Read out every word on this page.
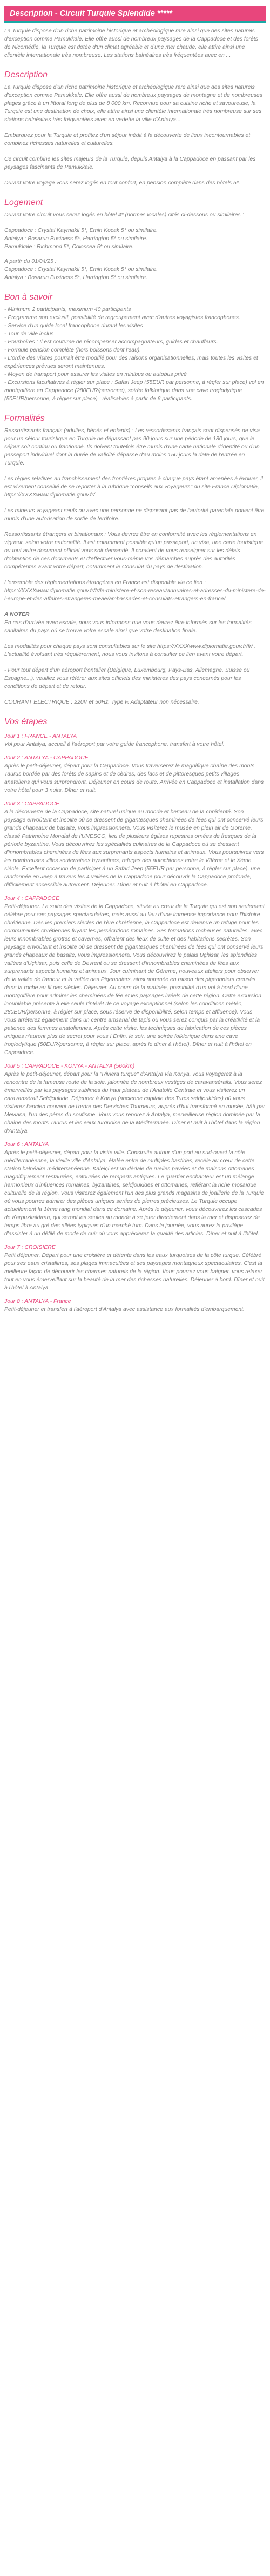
Description - Circuit Turquie Splendide *****

La Turquie dispose d'un riche patrimoine historique et archéologique rare ainsi que des sites naturels d'exception comme Pamukkale. Elle offre aussi de nombreux paysages de la Cappadoce et des forêts de Nicomédie, la Turquie est dotée d'un climat agréable et d'une mer chaude, elle attire ainsi une clientèle internationale très nombreuse. Les stations balnéaires très fréquentées avec en ...

Description

La Turquie dispose d'un riche patrimoine historique et archéologique rare ainsi que des sites naturels d'exception comme Pamukkale. Elle offre aussi de nombreux paysages de montagne et de nombreuses plages grâce à un littoral long de plus de 8 000 km. Reconnue pour sa cuisine riche et savoureuse, la Turquie est une destination de choix, elle attire ainsi une clientèle internationale très nombreuse sur ses stations balnéaires très fréquentées avec en vedette la ville d'Antalya...

Embarquez pour la Turquie et profitez d'un séjour inédit à la découverte de lieux incontournables et combinez richesses naturelles et culturelles.

Ce circuit combine les sites majeurs de la Turquie, depuis Antalya à la Cappadoce en passant par les paysages fascinants de Pamukkale.

Durant votre voyage vous serez logés en tout confort, en pension complète dans des hôtels 5*.

Logement

Durant votre circuit vous serez logés en hôtel 4* (normes locales) cités ci-dessous ou similaires :

Cappadoce : Crystal Kaymakli 5*, Emin Kocak 5* ou similaire.
Antalya : Bosarun Business 5*, Harrington 5* ou similaire.
Pamukkale : Richmond 5*, Colossea 5* ou similaire.
A partir du 01/04/25 :
Cappadoce : Crystal Kaymakli 5*, Emin Kocak 5* ou similaire.
Antalya : Bosarun Business 5*, Harrington 5* ou similaire.
Bon à savoir
- Minimum 2 participants, maximum 40 participants
- Programme non exclusif, possibilité de regroupement avec d'autres voyagistes francophones.
- Service d'un guide local francophone durant les visites
- Tour de ville inclus
- Pourboires : Il est coutume de récompenser accompagnateurs, guides et chauffeurs.
- Formule pension complète (hors boissons dont l'eau).
- L'ordre des visites pourrait être modifié pour des raisons organisationnelles, mais toutes les visites et expériences prévues seront maintenues.
- Moyen de transport pour assurer les visites en minibus ou autobus privé
- Excursions facultatives à régler sur place : Safari Jeep (55EUR par personne, à régler sur place) vol en montgolfière en Cappadoce (280EUR/personne), soirée folklorique dans une cave troglodytique (50EUR/personne, à régler sur place) : réalisables à partir de 6 participants.
Formalités

Ressortissants français (adultes, bébés et enfants) : Les ressortissants français sont dispensés de visa pour un séjour touristique en Turquie ne dépassant pas 90 jours sur une période de 180 jours, que le séjour soit continu ou fractionné. Ils doivent toutefois être munis d'une carte nationale d'identité ou d'un passeport individuel dont la durée de validité dépasse d'au moins 150 jours la date de l'entrée en Turquie.

Les règles relatives au franchissement des frontières propres à chaque pays étant amenées à évoluer, il est vivement conseillé de se reporter à la rubrique "conseils aux voyageurs" du site France Diplomatie, https://XXXXwww.diplomatie.gouv.fr/

Les mineurs voyageant seuls ou avec une personne ne disposant pas de l'autorité parentale doivent être munis d'une autorisation de sortie de territoire.

Ressortissants étrangers et binationaux : Vous devrez être en conformité avec les réglementations en vigueur, selon votre nationalité. Il est notamment possible qu'un passeport, un visa, une carte touristique ou tout autre document officiel vous soit demandé. Il convient de vous renseigner sur les délais d'obtention de ces documents et d'effectuer vous-même vos démarches auprès des autorités compétentes avant votre départ, notamment le Consulat du pays de destination.

L'ensemble des réglementations étrangères en France est disponible via ce lien : https://XXXXwww.diplomatie.gouv.fr/fr/le-ministere-et-son-reseau/annuaires-et-adresses-du-ministere-de-l-europe-et-des-affaires-etrangeres-meae/ambassades-et-consulats-etrangers-en-france/

A NOTER

En cas d'arrivée avec escale, nous vous informons que vous devrez être informés sur les formalités sanitaires du pays où se trouve votre escale ainsi que votre destination finale.

Les modalités pour chaque pays sont consultables sur le site https://XXXXwww.diplomatie.gouv.fr/fr/ . L'actualité évoluant très régulièrement, nous vous invitons à consulter ce lien avant votre départ.

- Pour tout départ d'un aéroport frontalier (Belgique, Luxembourg, Pays-Bas, Allemagne, Suisse ou Espagne...), veuillez vous référer aux sites officiels des ministères des pays concernés pour les conditions de départ et de retour.

COURANT ELECTRIQUE : 220V et 50Hz. Type F. Adaptateur non nécessaire.

Vos étapes
Jour 1 : FRANCE - ANTALYA

Vol pour Antalya, accueil à l'aéroport par votre guide francophone, transfert à votre hôtel.

Jour 2 : ANTALYA - CAPPADOCE

Après le petit-déjeuner, départ pour la Cappadoce. Vous traverserez le magnifique chaîne des monts Taurus bordée par des forêts de sapins et de cèdres, des lacs et de pittoresques petits villages anatoliens qui vous surprendront. Déjeuner en cours de route. Arrivée en Cappadoce et installation dans votre hôtel pour 3 nuits. Dîner et nuit.

Jour 3 : CAPPADOCE

A la découverte de la Cappadoce, site naturel unique au monde et berceau de la chrétienté. Son paysage envoûtant et insolite où se dressent de gigantesques cheminées de fées qui ont conservé leurs grands chapeaux de basalte, vous impressionnera. Vous visiterez le musée en plein air de Göreme, classé Patrimoine Mondial de l'UNESCO, lieu de plusieurs églises rupestres ornées de fresques de la période byzantine. Vous découvrirez les spécialités culinaires de la Cappadoce où se dressent d'innombrables cheminées de fées aux surprenants aspects humains et animaux. Vous poursuivrez vers les nombreuses villes souterraines byzantines, refuges des autochtones entre le VIIème et le Xème siècle. Excellent occasion de participer à un Safari Jeep (55EUR par personne, à régler sur place), une randonnée en Jeep à travers les 4 vallées de la Cappadoce pour découvrir la Cappadoce profonde, difficilement accessible autrement. Déjeuner. Dîner et nuit à l'hôtel en Cappadoce.

Jour 4 : CAPPADOCE

Petit-déjeuner. La suite des visites de la Cappadoce, située au cœur de la Turquie qui est non seulement célèbre pour ses paysages spectaculaires, mais aussi au lieu d'une immense importance pour l'histoire chrétienne. Dès les premiers siècles de l'ère chrétienne, la Cappadoce est devenue un refuge pour les communautés chrétiennes fuyant les persécutions romaines. Ses formations rocheuses naturelles, avec leurs innombrables grottes et cavernes, offraient des lieux de culte et des habitations secrètes. Son paysage envoûtant et insolite où se dressent de gigantesques cheminées de fées qui ont conservé leurs grands chapeaux de basalte, vous impressionnera. Vous découvrirez le palais Uçhisar, les splendides vallées d'Uçhisar, puis celle de Devrent ou se dressent d'innombrables cheminées de fées aux surprenants aspects humains et animaux. Jour culminant de Göreme, nouveaux ateliers pour observer de la vallée de l'amour et la vallée des Pigeonniers, ainsi nommée en raison des pigeonniers creusés dans la roche au fil des siècles. Déjeuner. Au cours de la matinée, possibilité d'un vol à bord d'une montgolfière pour admirer les cheminées de fée et les paysages irréels de cette région. Cette excursion inoubliable présente à elle seule l'intérêt de ce voyage exceptionnel (selon les conditions météo, 280EUR/personne, à régler sur place, sous réserve de disponibilité, selon temps et affluence). Vous vous arrêterez également dans un centre artisanal de tapis où vous serez conquis par la créativité et la patience des femmes anatoliennes. Après cette visite, les techniques de fabrication de ces pièces uniques n'auront plus de secret pour vous ! Enfin, le soir, une soirée folklorique dans une cave troglodytique (50EUR/personne, à régler sur place, après le dîner à l'hôtel). Dîner et nuit à l'hôtel en Cappadoce.

Jour 5 : CAPPADOCE - KONYA - ANTALYA (560km)

Après le petit-déjeuner, départ pour la "Riviera turque" d'Antalya via Konya, vous voyagerez à la rencontre de la fameuse route de la soie, jalonnée de nombreux vestiges de caravansérails. Vous serez émerveillés par les paysages sublimes du haut plateau de l'Anatolie Centrale et vous visiterez un caravansérail Seldjoukide. Déjeuner à Konya (ancienne capitale des Turcs seldjoukides) où vous visiterez l'ancien couvent de l'ordre des Derviches Tourneurs, auprès d'hui transformé en musée, bâti par Mevlana, l'un des pères du soufisme. Vous vous rendrez à Antalya, merveilleuse région dominée par la chaîne des monts Taurus et les eaux turquoise de la Méditerranée. Dîner et nuit à l'hôtel dans la région d'Antalya.

Jour 6 : ANTALYA

Après le petit-déjeuner, départ pour la visite ville. Construite autour d'un port au sud-ouest la côte méditerranéenne, la vieille ville d'Antalya, étalée entre de multiples bastides, recèle au cœur de cette station balnéaire méditerranéenne. Kaleiçi est un dédale de ruelles pavées et de maisons ottomanes magnifiquement restaurées, entourées de remparts antiques. Le quartier enchanteur est un mélange harmonieux d'influences romaines, byzantines, seldjoukides et ottomanes, reflétant la riche mosaïque culturelle de la région. Vous visiterez également l'un des plus grands magasins de joaillerie de la Turquie où vous pourrez admirer des pièces uniques serties de pierres précieuses. Le Turquie occupe actuellement la 1ème rang mondial dans ce domaine. Après le déjeuner, vous découvrirez les cascades de Karpuzkaldıran, qui seront les seules au monde à se jeter directement dans la mer et disposerez de temps libre au gré des allées typiques d'un marché turc. Dans la journée, vous aurez la privilège d'assister à un défilé de mode de cuir où vous apprécierez la qualité des articles. Dîner et nuit à l'hôtel.

Jour 7 : CROISIERE

Petit déjeuner. Départ pour une croisière et détente dans les eaux turquoises de la côte turque. Célébré pour ses eaux cristallines, ses plages immaculées et ses paysages montagneux spectaculaires. C'est la meilleure façon de découvrir les charmes naturels de la région. Vous pourrez vous baigner, vous relaxer tout en vous émerveillant sur la beauté de la mer des richesses naturelles. Déjeuner à bord. Dîner et nuit à l'hôtel à Antalya.

Jour 8 : ANTALYA - France

Petit-déjeuner et transfert à l'aéroport d'Antalya avec assistance aux formalités d'embarquement.
